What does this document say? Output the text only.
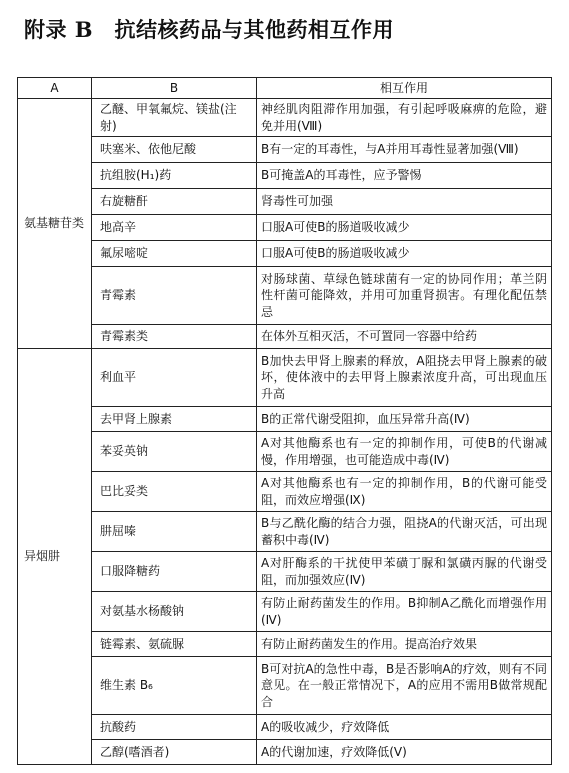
附录 B　抗结核药品与其他药相互作用
A	B	相互作用
氨基糖苷类	乙醚、甲氧氟烷、镁盐(注射)	神经肌肉阻滞作用加强，有引起呼吸麻痹的危险，避免并用(Ⅷ)
	呋塞米、依他尼酸	B有一定的耳毒性，与A并用耳毒性显著加强(Ⅷ)
	抗组胺(H₁)药	B可掩盖A的耳毒性，应予警惕
	右旋糖酐	肾毒性可加强
	地高辛	口服A可使B的肠道吸收减少
	氟尿嘧啶	口服A可使B的肠道吸收减少
	青霉素	对肠球菌、草绿色链球菌有一定的协同作用；革兰阴性杆菌可能降效，并用可加重肾损害。有理化配伍禁忌
	青霉素类	在体外互相灭活，不可置同一容器中给药
异烟肼	利血平	B加快去甲肾上腺素的释放，A阻挠去甲肾上腺素的破坏，使体液中的去甲肾上腺素浓度升高，可出现血压升高
	去甲肾上腺素	B的正常代谢受阻抑，血压异常升高(Ⅳ)
	苯妥英钠	A对其他酶系也有一定的抑制作用，可使B的代谢减慢，作用增强，也可能造成中毒(Ⅳ)
	巴比妥类	A对其他酶系也有一定的抑制作用，B的代谢可能受阻，而效应增强(Ⅸ)
	肼屈嗪	B与乙酰化酶的结合力强，阻挠A的代谢灭活，可出现蓄积中毒(Ⅳ)
	口服降糖药	A对肝酶系的干扰使甲苯磺丁脲和氯磺丙脲的代谢受阻，而加强效应(Ⅳ)
	对氨基水杨酸钠	有防止耐药菌发生的作用。B抑制A乙酰化而增强作用(Ⅳ)
	链霉素、氨硫脲	有防止耐药菌发生的作用。提高治疗效果
	维生素 B₆	B可对抗A的急性中毒，B是否影响A的疗效，则有不同意见。在一般正常情况下，A的应用不需用B做常规配合
	抗酸药	A的吸收减少，疗效降低
	乙醇(嗜酒者)	A的代谢加速，疗效降低(Ⅴ)
